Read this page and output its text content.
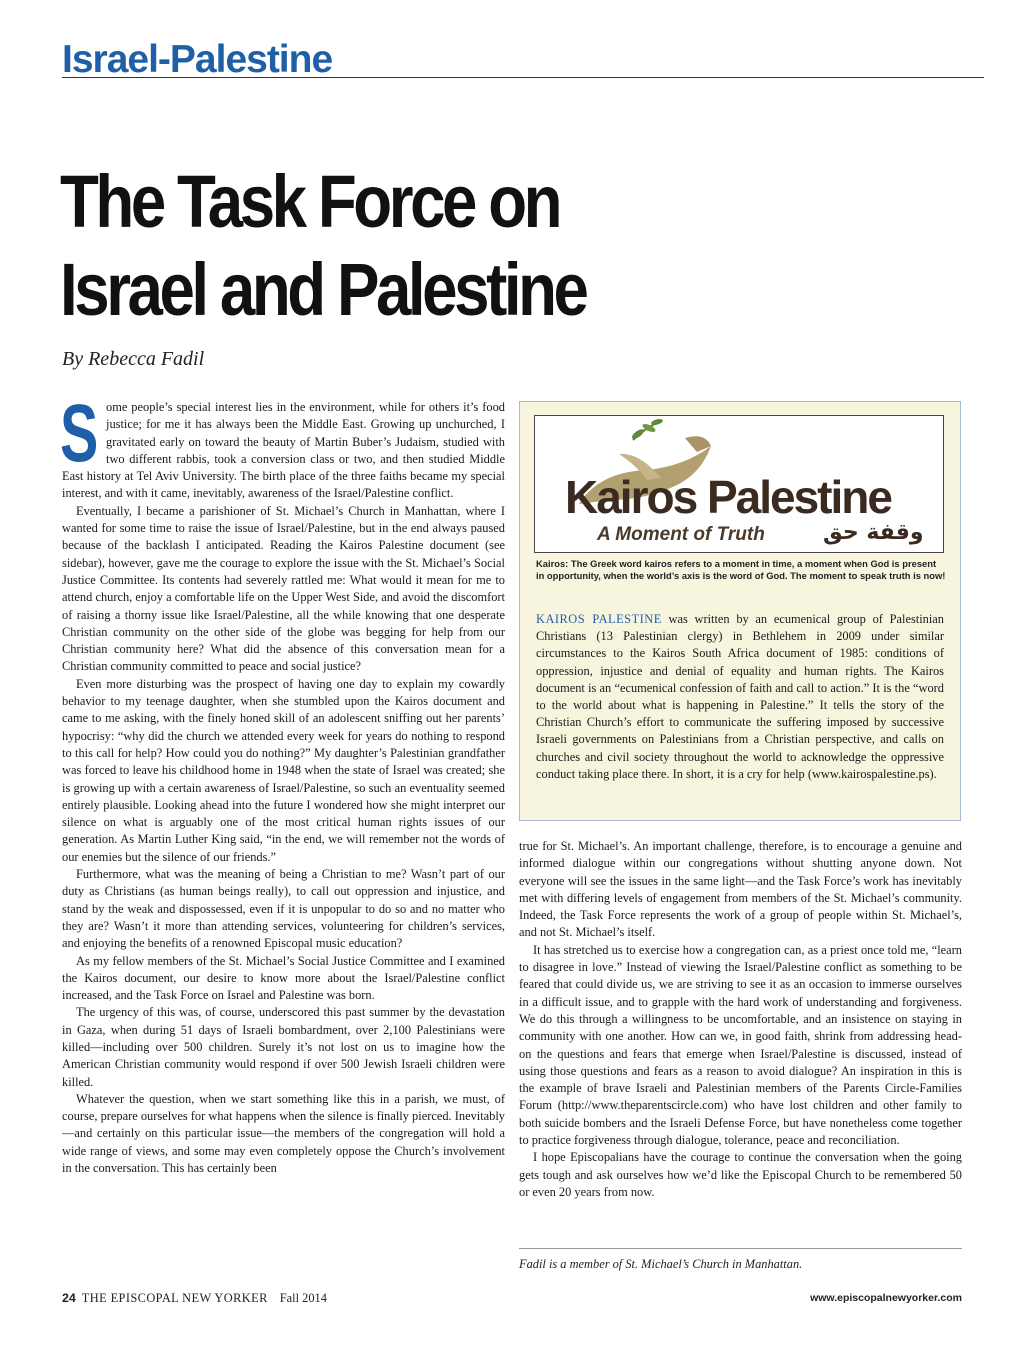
Israel-Palestine
The Task Force on
Israel and Palestine
By Rebecca Fadil

Some people’s special interest lies in the environment, while for others it’s food justice; for me it has always been the Middle East. Growing up unchurched, I gravitated early on toward the beauty of Martin Buber’s Judaism, studied with two different rabbis, took a conversion class or two, and then studied Middle East history at Tel Aviv University. The birth place of the three faiths became my special interest, and with it came, inevitably, awareness of the Israel/Palestine conflict.

Eventually, I became a parishioner of St. Michael’s Church in Manhattan, where I wanted for some time to raise the issue of Israel/Palestine, but in the end always paused because of the backlash I anticipated. Reading the Kairos Palestine document (see sidebar), however, gave me the courage to explore the issue with the St. Michael’s Social Justice Committee. Its contents had severely rattled me: What would it mean for me to attend church, enjoy a comfortable life on the Upper West Side, and avoid the discomfort of raising a thorny issue like Israel/Palestine, all the while knowing that one desperate Christian community on the other side of the globe was begging for help from our Christian community here? What did the absence of this conversation mean for a Christian community committed to peace and social justice?

Even more disturbing was the prospect of having one day to explain my cowardly behavior to my teenage daughter, when she stumbled upon the Kairos document and came to me asking, with the finely honed skill of an adolescent sniffing out her parents’ hypocrisy: “why did the church we attended every week for years do nothing to respond to this call for help? How could you do nothing?” My daughter’s Palestinian grandfather was forced to leave his childhood home in 1948 when the state of Israel was created; she is growing up with a certain awareness of Israel/Palestine, so such an eventuality seemed entirely plausible. Looking ahead into the future I wondered how she might interpret our silence on what is arguably one of the most critical human rights issues of our generation. As Martin Luther King said, “in the end, we will remember not the words of our enemies but the silence of our friends.”

Furthermore, what was the meaning of being a Christian to me? Wasn’t part of our duty as Christians (as human beings really), to call out oppression and injustice, and stand by the weak and dispossessed, even if it is unpopular to do so and no matter who they are? Wasn’t it more than attending services, volunteering for children’s services, and enjoying the benefits of a renowned Episcopal music education?

As my fellow members of the St. Michael’s Social Justice Committee and I examined the Kairos document, our desire to know more about the Israel/Palestine conflict increased, and the Task Force on Israel and Palestine was born.

The urgency of this was, of course, underscored this past summer by the devastation in Gaza, when during 51 days of Israeli bombardment, over 2,100 Palestinians were killed—including over 500 children. Surely it’s not lost on us to imagine how the American Christian community would respond if over 500 Jewish Israeli children were killed.

Whatever the question, when we start something like this in a parish, we must, of course, prepare ourselves for what happens when the silence is finally pierced. Inevitably—and certainly on this particular issue—the members of the congregation will hold a wide range of views, and some may even completely oppose the Church’s involvement in the conversation. This has certainly been

Kairos Palestine
A Moment of Truth	وقفة حق
Kairos: The Greek word kairos refers to a moment in time, a moment when God is present in opportunity, when the world’s axis is the word of God. The moment to speak truth is now!
KAIROS PALESTINE was written by an ecumenical group of Palestinian Christians (13 Palestinian clergy) in Bethlehem in 2009 under similar circumstances to the Kairos South Africa document of 1985: conditions of oppression, injustice and denial of equality and human rights. The Kairos document is an “ecumenical confession of faith and call to action.” It is the “word to the world about what is happening in Palestine.” It tells the story of the Christian Church’s effort to communicate the suffering imposed by successive Israeli governments on Palestinians from a Christian perspective, and calls on churches and civil society throughout the world to acknowledge the oppressive conduct taking place there. In short, it is a cry for help (www.kairospalestine.ps).

true for St. Michael’s. An important challenge, therefore, is to encourage a genuine and informed dialogue within our congregations without shutting anyone down. Not everyone will see the issues in the same light—and the Task Force’s work has inevitably met with differing levels of engagement from members of the St. Michael’s community. Indeed, the Task Force represents the work of a group of people within St. Michael’s, and not St. Michael’s itself.

It has stretched us to exercise how a congregation can, as a priest once told me, “learn to disagree in love.” Instead of viewing the Israel/Palestine conflict as something to be feared that could divide us, we are striving to see it as an occasion to immerse ourselves in a difficult issue, and to grapple with the hard work of understanding and forgiveness. We do this through a willingness to be uncomfortable, and an insistence on staying in community with one another. How can we, in good faith, shrink from addressing head-on the questions and fears that emerge when Israel/Palestine is discussed, instead of using those questions and fears as a reason to avoid dialogue? An inspiration in this is the example of brave Israeli and Palestinian members of the Parents Circle-Families Forum (http://www.theparentscircle.com) who have lost children and other family to both suicide bombers and the Israeli Defense Force, but have nonetheless come together to practice forgiveness through dialogue, tolerance, peace and reconciliation.

I hope Episcopalians have the courage to continue the conversation when the going gets tough and ask ourselves how we’d like the Episcopal Church to be remembered 50 or even 20 years from now.

Fadil is a member of St. Michael’s Church in Manhattan.
24 THE EPISCOPAL NEW YORKER Fall 2014	www.episcopalnewyorker.com
